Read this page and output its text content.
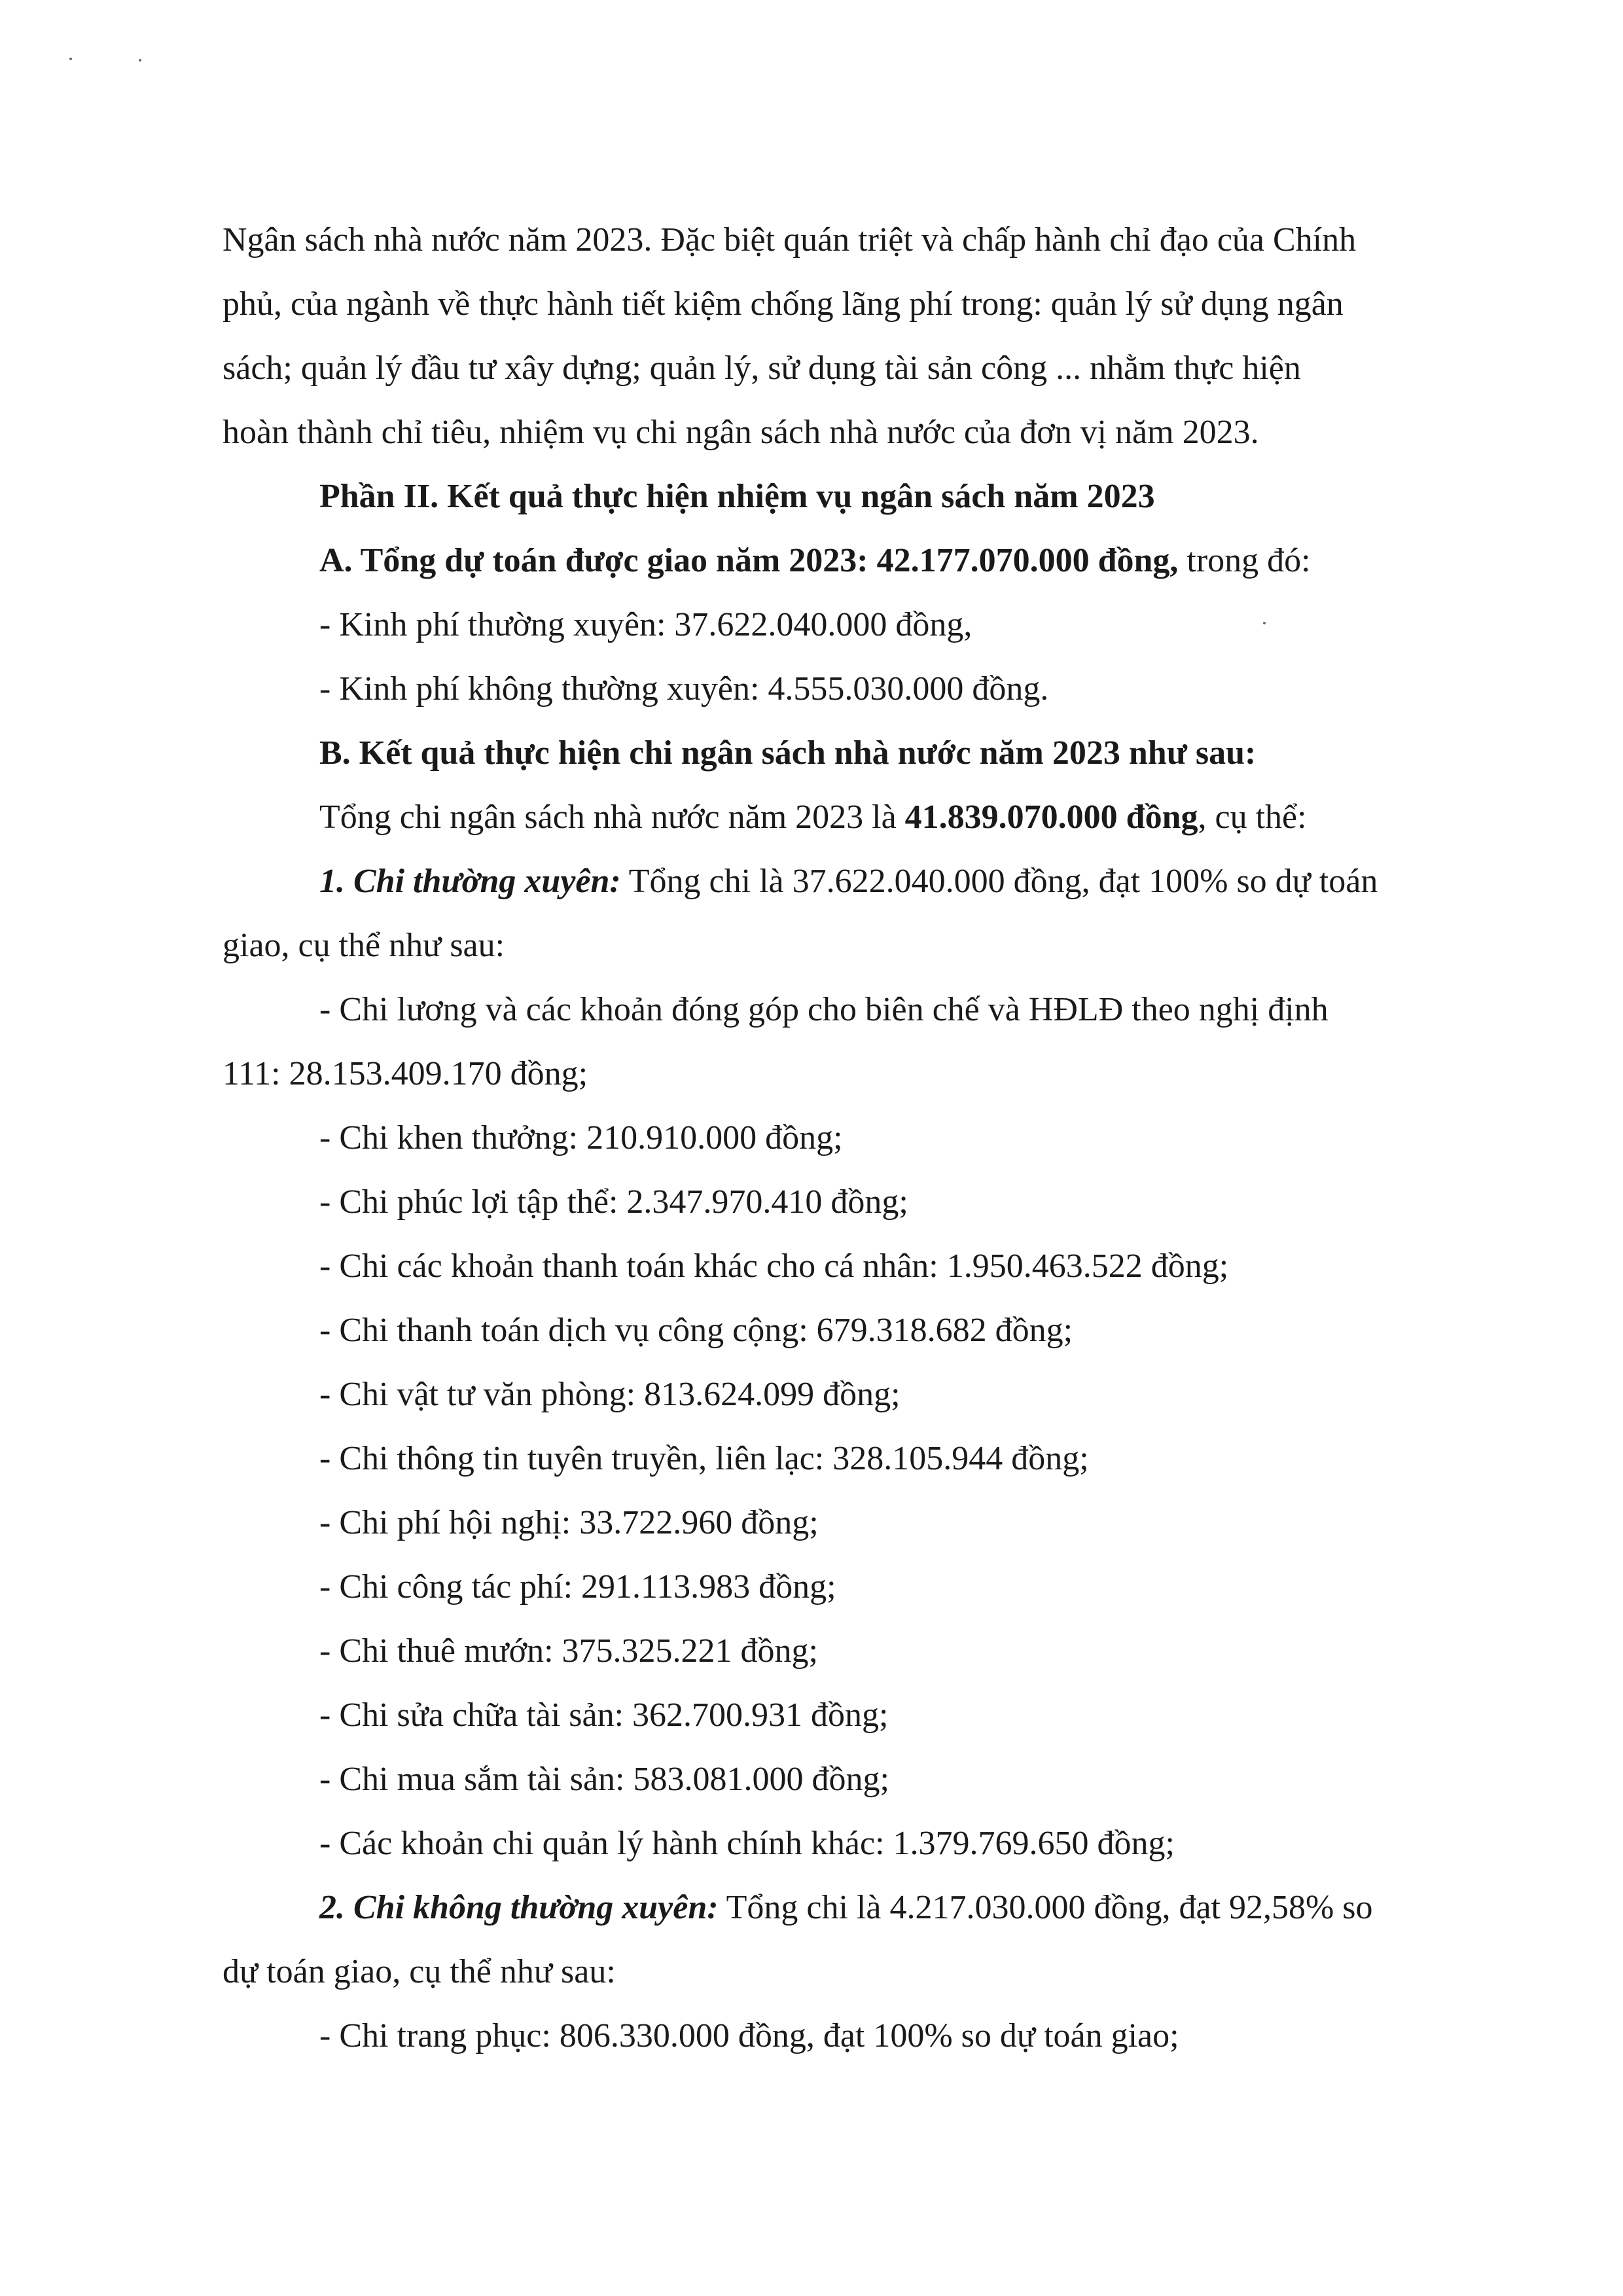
Ngân sách nhà nước năm 2023. Đặc biệt quán triệt và chấp hành chỉ đạo của Chính

phủ, của ngành về thực hành tiết kiệm chống lãng phí trong: quản lý sử dụng ngân

sách; quản lý đầu tư xây dựng; quản lý, sử dụng tài sản công ... nhằm thực hiện

hoàn thành chỉ tiêu, nhiệm vụ chi ngân sách nhà nước của đơn vị năm 2023.

Phần II. Kết quả thực hiện nhiệm vụ ngân sách năm 2023

A. Tổng dự toán được giao năm 2023: 42.177.070.000 đồng, trong đó:

- Kinh phí thường xuyên: 37.622.040.000 đồng,

- Kinh phí không thường xuyên: 4.555.030.000 đồng.

B. Kết quả thực hiện chi ngân sách nhà nước năm 2023 như sau:

Tổng chi ngân sách nhà nước năm 2023 là 41.839.070.000 đồng, cụ thể:

1. Chi thường xuyên: Tổng chi là 37.622.040.000 đồng, đạt 100% so dự toán

giao, cụ thể như sau:

- Chi lương và các khoản đóng góp cho biên chế và HĐLĐ theo nghị định

111: 28.153.409.170 đồng;

- Chi khen thưởng: 210.910.000 đồng;

- Chi phúc lợi tập thể: 2.347.970.410 đồng;

- Chi các khoản thanh toán khác cho cá nhân: 1.950.463.522 đồng;

- Chi thanh toán dịch vụ công cộng: 679.318.682 đồng;

- Chi vật tư văn phòng: 813.624.099 đồng;

- Chi thông tin tuyên truyền, liên lạc: 328.105.944 đồng;

- Chi phí hội nghị: 33.722.960 đồng;

- Chi công tác phí: 291.113.983 đồng;

- Chi thuê mướn: 375.325.221 đồng;

- Chi sửa chữa tài sản: 362.700.931 đồng;

- Chi mua sắm tài sản: 583.081.000 đồng;

- Các khoản chi quản lý hành chính khác: 1.379.769.650 đồng;

2. Chi không thường xuyên: Tổng chi là 4.217.030.000 đồng, đạt 92,58% so

dự toán giao, cụ thể như sau:

- Chi trang phục: 806.330.000 đồng, đạt 100% so dự toán giao;
